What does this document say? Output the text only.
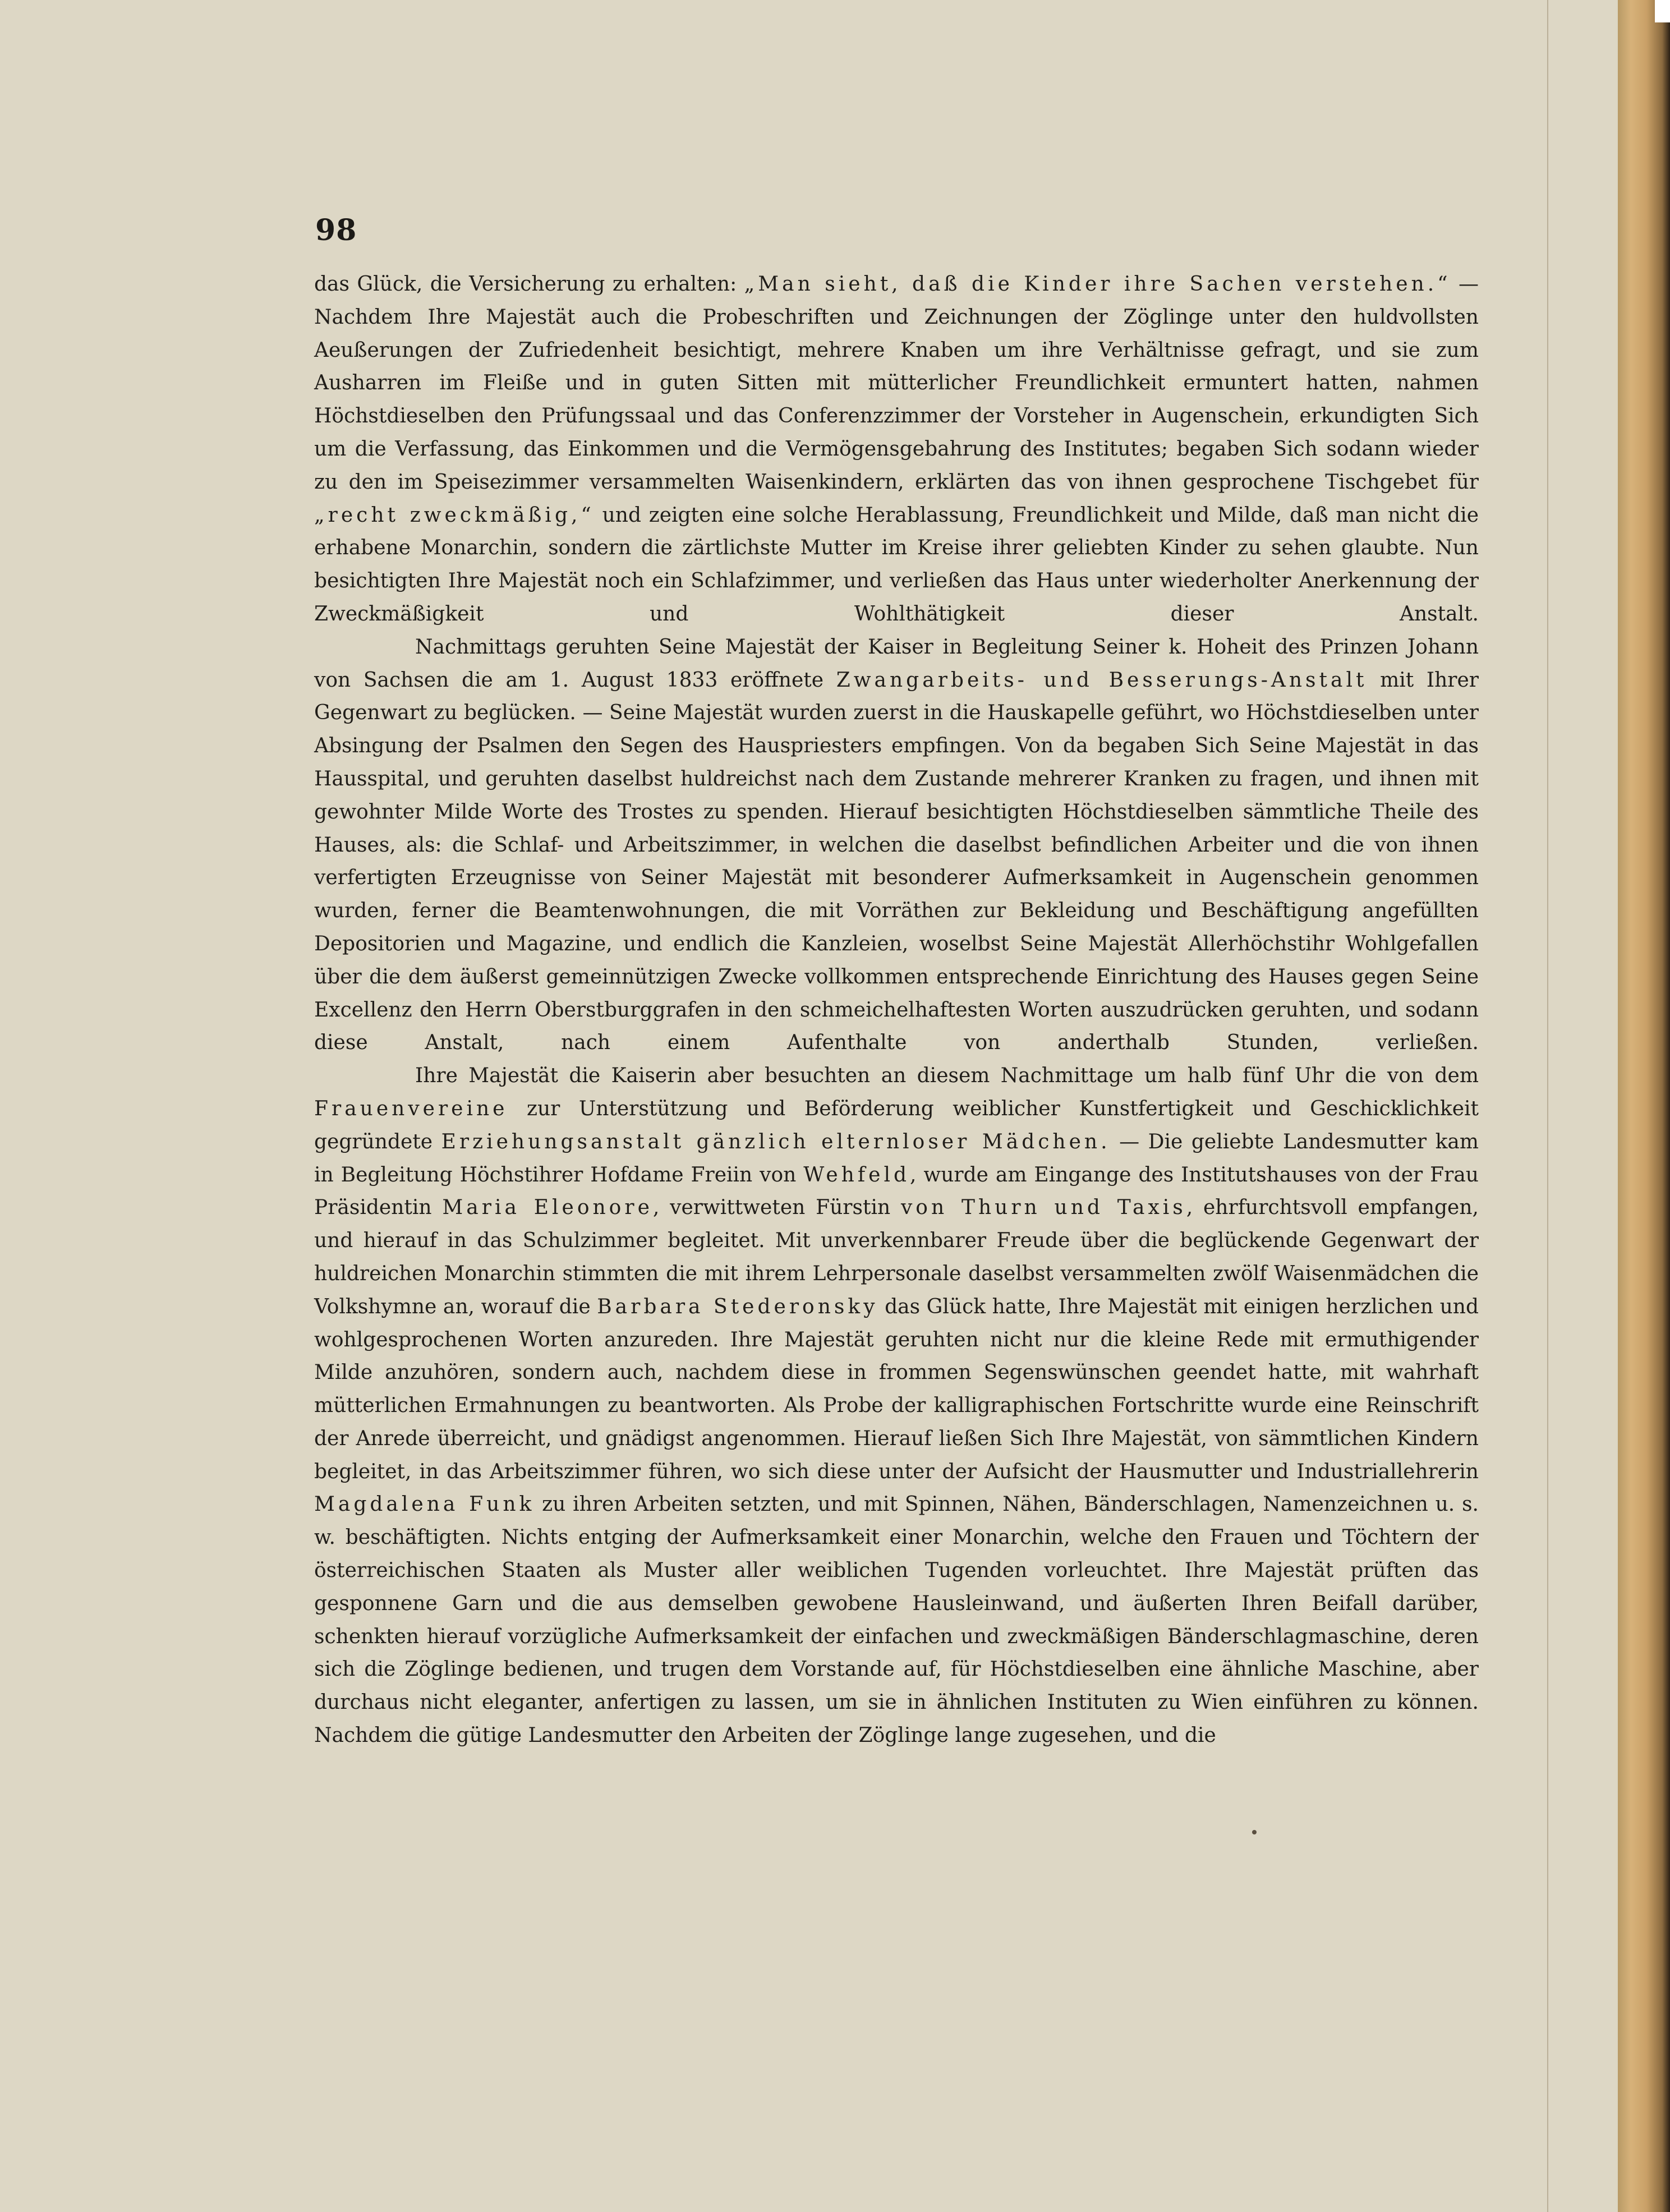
98

das Glück, die Versicherung zu erhalten: „Man sieht, daß die Kinder ihre Sachen verstehen.“ — Nachdem Ihre Majestät auch die Probeschriften und Zeichnungen der Zöglinge unter den huldvollsten Aeußerungen der Zufriedenheit besichtigt, mehrere Knaben um ihre Verhältnisse gefragt, und sie zum Ausharren im Fleiße und in guten Sitten mit mütterlicher Freundlichkeit ermuntert hatten, nahmen Höchstdieselben den Prüfungssaal und das Conferenzzimmer der Vorsteher in Augenschein, erkundigten Sich um die Verfassung, das Einkommen und die Vermögensgebahrung des Institutes; begaben Sich sodann wieder zu den im Speisezimmer versammelten Waisenkindern, erklärten das von ihnen gesprochene Tischgebet für „recht zweckmäßig,“ und zeigten eine solche Herablassung, Freundlichkeit und Milde, daß man nicht die erhabene Monarchin, sondern die zärtlichste Mutter im Kreise ihrer geliebten Kinder zu sehen glaubte. Nun besichtigten Ihre Majestät noch ein Schlafzimmer, und verließen das Haus unter wiederholter Anerkennung der Zweckmäßigkeit und Wohlthätigkeit dieser Anstalt.

Nachmittags geruhten Seine Majestät der Kaiser in Begleitung Seiner k. Hoheit des Prinzen Johann von Sachsen die am 1. August 1833 eröffnete Zwangarbeits- und Besserungs-Anstalt mit Ihrer Gegenwart zu beglücken. — Seine Majestät wurden zuerst in die Hauskapelle geführt, wo Höchstdieselben unter Absingung der Psalmen den Segen des Hauspriesters empfingen. Von da begaben Sich Seine Majestät in das Hausspital, und geruhten daselbst huldreichst nach dem Zustande mehrerer Kranken zu fragen, und ihnen mit gewohnter Milde Worte des Trostes zu spenden. Hierauf besichtigten Höchstdieselben sämmtliche Theile des Hauses, als: die Schlaf- und Arbeitszimmer, in welchen die daselbst befindlichen Arbeiter und die von ihnen verfertigten Erzeugnisse von Seiner Majestät mit besonderer Aufmerksamkeit in Augenschein genommen wurden, ferner die Beamtenwohnungen, die mit Vorräthen zur Bekleidung und Beschäftigung angefüllten Depositorien und Magazine, und endlich die Kanzleien, woselbst Seine Majestät Allerhöchstihr Wohlgefallen über die dem äußerst gemeinnützigen Zwecke vollkommen entsprechende Einrichtung des Hauses gegen Seine Excellenz den Herrn Oberstburggrafen in den schmeichelhaftesten Worten auszudrücken geruhten, und sodann diese Anstalt, nach einem Aufenthalte von anderthalb Stunden, verließen.

Ihre Majestät die Kaiserin aber besuchten an diesem Nachmittage um halb fünf Uhr die von dem Frauenvereine zur Unterstützung und Beförderung weiblicher Kunstfertigkeit und Geschicklichkeit gegründete Erziehungsanstalt gänzlich elternloser Mädchen. — Die geliebte Landesmutter kam in Begleitung Höchstihrer Hofdame Freiin von Wehfeld, wurde am Eingange des Institutshauses von der Frau Präsidentin Maria Eleonore, verwittweten Fürstin von Thurn und Taxis, ehrfurchtsvoll empfangen, und hierauf in das Schulzimmer begleitet. Mit unverkennbarer Freude über die beglückende Gegenwart der huldreichen Monarchin stimmten die mit ihrem Lehrpersonale daselbst versammelten zwölf Waisenmädchen die Volkshymne an, worauf die Barbara Stederonsky das Glück hatte, Ihre Majestät mit einigen herzlichen und wohlgesprochenen Worten anzureden. Ihre Majestät geruhten nicht nur die kleine Rede mit ermuthigender Milde anzuhören, sondern auch, nachdem diese in frommen Segenswünschen geendet hatte, mit wahrhaft mütterlichen Ermahnungen zu beantworten. Als Probe der kalligraphischen Fortschritte wurde eine Reinschrift der Anrede überreicht, und gnädigst angenommen. Hierauf ließen Sich Ihre Majestät, von sämmtlichen Kindern begleitet, in das Arbeitszimmer führen, wo sich diese unter der Aufsicht der Hausmutter und Industriallehrerin Magdalena Funk zu ihren Arbeiten setzten, und mit Spinnen, Nähen, Bänderschlagen, Namenzeichnen u. s. w. beschäftigten. Nichts entging der Aufmerksamkeit einer Monarchin, welche den Frauen und Töchtern der österreichischen Staaten als Muster aller weiblichen Tugenden vorleuchtet. Ihre Majestät prüften das gesponnene Garn und die aus demselben gewobene Hausleinwand, und äußerten Ihren Beifall darüber, schenkten hierauf vorzügliche Aufmerksamkeit der einfachen und zweckmäßigen Bänderschlagmaschine, deren sich die Zöglinge bedienen, und trugen dem Vorstande auf, für Höchstdieselben eine ähnliche Maschine, aber durchaus nicht eleganter, anfertigen zu lassen, um sie in ähnlichen Instituten zu Wien einführen zu können. Nachdem die gütige Landesmutter den Arbeiten der Zöglinge lange zugesehen, und die
